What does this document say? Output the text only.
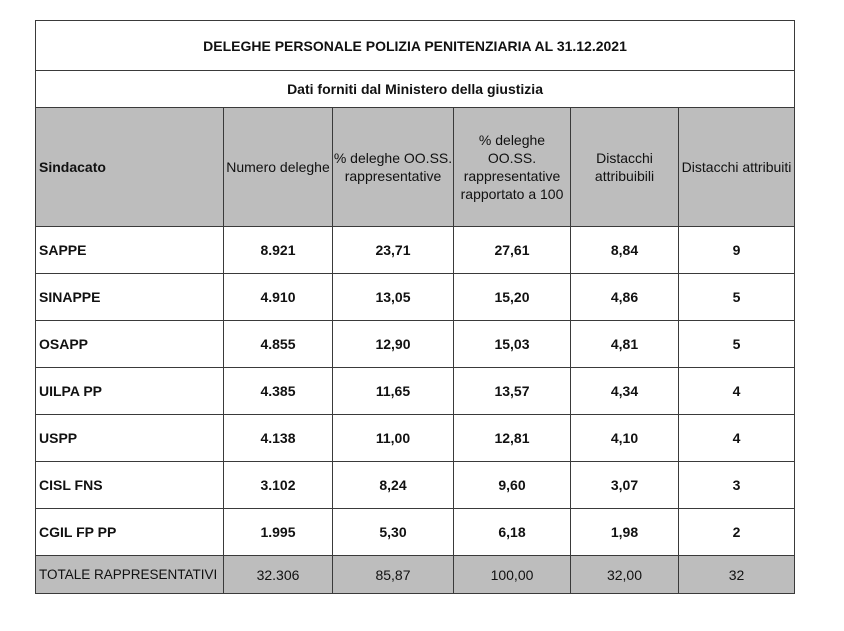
DELEGHE PERSONALE POLIZIA PENITENZIARIA AL 31.12.2021					
Dati forniti dal Ministero della giustizia					
Sindacato	Numero deleghe	% deleghe OO.SS. rappresentative	% deleghe OO.SS. rappresentative rapportato a 100	Distacchi attribuibili	Distacchi attribuiti
SAPPE	8.921	23,71	27,61	8,84	9
SINAPPE	4.910	13,05	15,20	4,86	5
OSAPP	4.855	12,90	15,03	4,81	5
UILPA PP	4.385	11,65	13,57	4,34	4
USPP	4.138	11,00	12,81	4,10	4
CISL FNS	3.102	8,24	9,60	3,07	3
CGIL FP PP	1.995	5,30	6,18	1,98	2
TOTALE RAPPRESENTATIVI	32.306	85,87	100,00	32,00	32
